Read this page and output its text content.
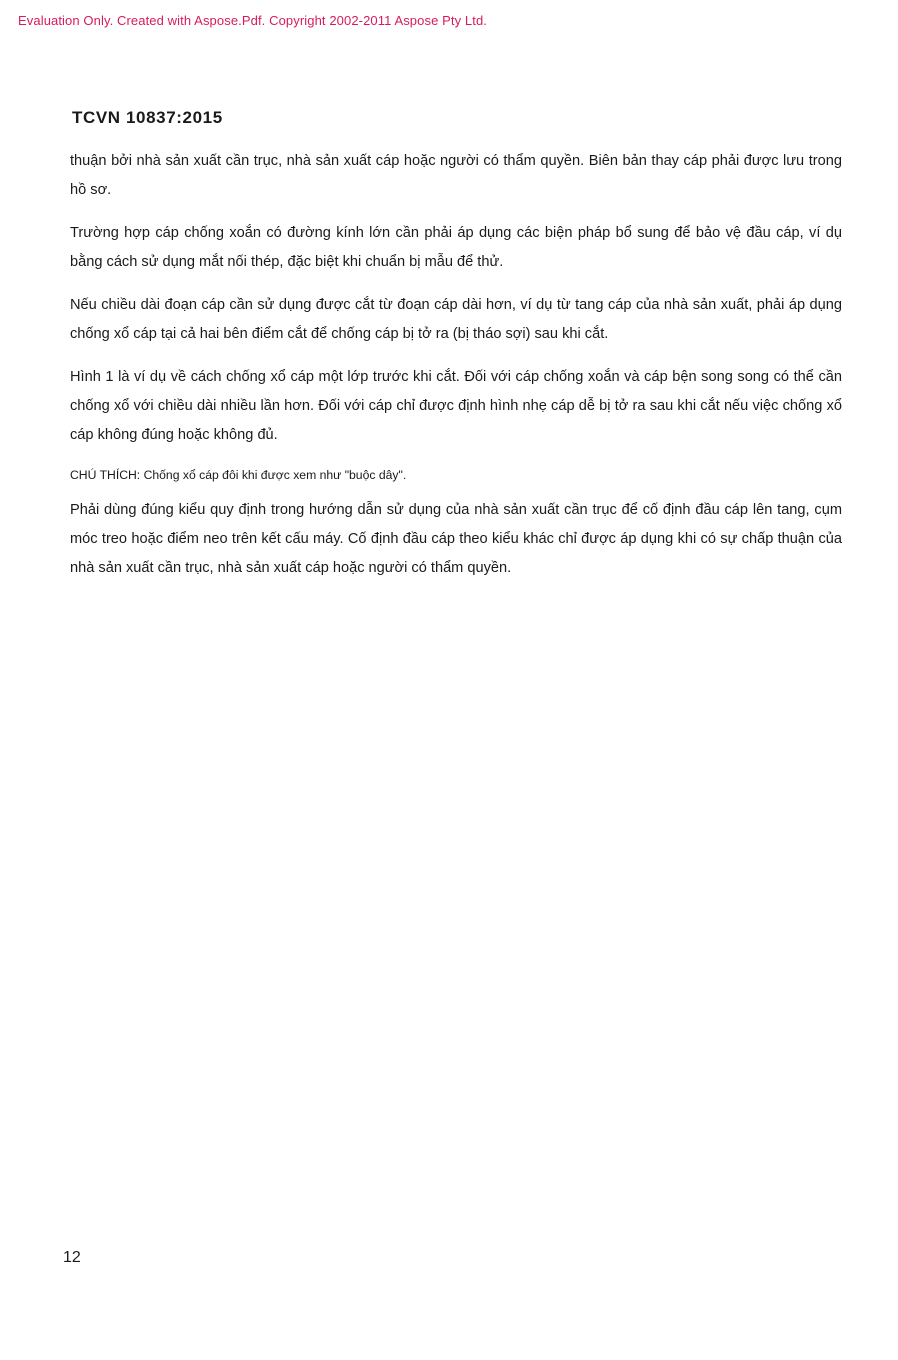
Evaluation Only. Created with Aspose.Pdf. Copyright 2002-2011 Aspose Pty Ltd.
TCVN 10837:2015

thuận bởi nhà sản xuất cần trục, nhà sản xuất cáp hoặc người có thẩm quyền. Biên bản thay cáp phải được lưu trong hồ sơ.

Trường hợp cáp chống xoắn có đường kính lớn cần phải áp dụng các biện pháp bổ sung để bảo vệ đầu cáp, ví dụ bằng cách sử dụng mắt nối thép, đặc biệt khi chuẩn bị mẫu để thử.

Nếu chiều dài đoạn cáp cần sử dụng được cắt từ đoạn cáp dài hơn, ví dụ từ tang cáp của nhà sản xuất, phải áp dụng chống xổ cáp tại cả hai bên điểm cắt để chống cáp bị tở ra (bị tháo sợi) sau khi cắt.

Hình 1 là ví dụ về cách chống xổ cáp một lớp trước khi cắt. Đối với cáp chống xoắn và cáp bện song song có thể cần chống xổ với chiều dài nhiều lần hơn. Đối với cáp chỉ được định hình nhẹ cáp dễ bị tở ra sau khi cắt nếu việc chống xổ cáp không đúng hoặc không đủ.

CHÚ THÍCH: Chống xổ cáp đôi khi được xem như "buộc dây".

Phải dùng đúng kiểu quy định trong hướng dẫn sử dụng của nhà sản xuất cần trục để cố định đầu cáp lên tang, cụm móc treo hoặc điểm neo trên kết cấu máy. Cố định đầu cáp theo kiểu khác chỉ được áp dụng khi có sự chấp thuận của nhà sản xuất cần trục, nhà sản xuất cáp hoặc người có thẩm quyền.

12
